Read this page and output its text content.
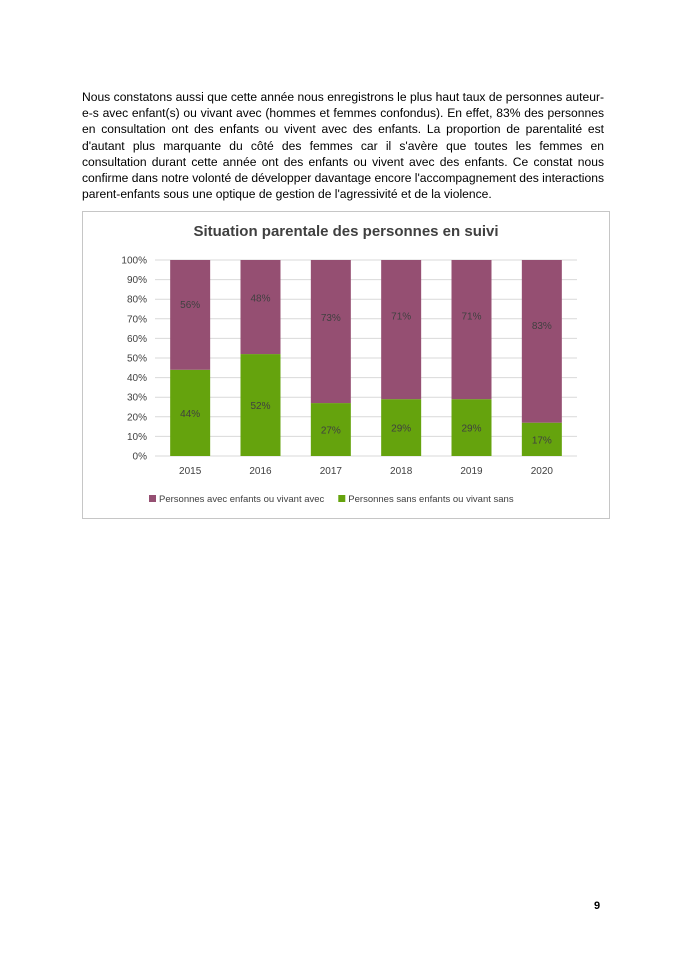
Nous constatons aussi que cette année nous enregistrons le plus haut taux de personnes auteur-e-s avec enfant(s) ou vivant avec (hommes et femmes confondus). En effet, 83% des personnes en consultation ont des enfants ou vivent avec des enfants. La proportion de parentalité est d'autant plus marquante du côté des femmes car il s'avère que toutes les femmes en consultation durant cette année ont des enfants ou vivent avec des enfants. Ce constat nous confirme dans notre volonté de développer davantage encore l'accompagnement des interactions parent-enfants sous une optique de gestion de l'agressivité et de la violence.

Situation parentale des personnes en suivi
44%
56%
52%
48%
27%
73%
29%
71%
29%
71%
17%
83%
0%
10%
20%
30%
40%
50%
60%
70%
80%
90%
100%
2015	2016	2017	2018	2019	2020
Personnes avec enfants ou vivant avec	Personnes sans enfants ou vivant sans
9
